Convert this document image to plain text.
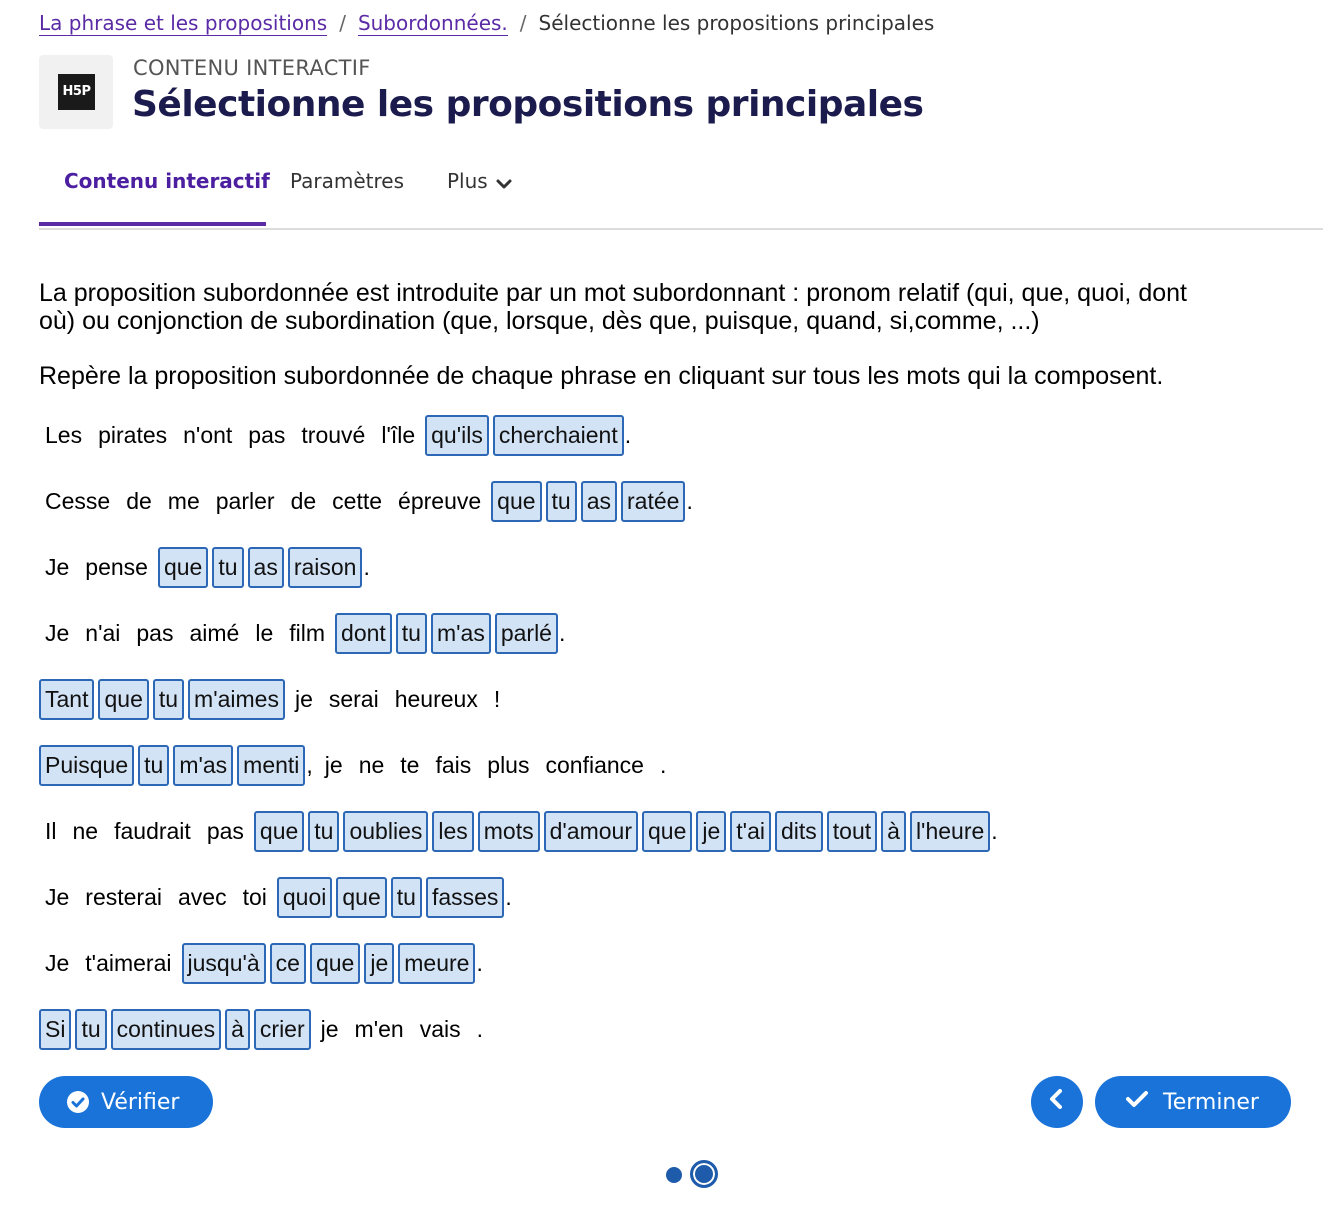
La phrase et les propositions / Subordonnées. / Sélectionne les propositions principales
H5P
CONTENU INTERACTIF
Sélectionne les propositions principales
Contenu interactif Paramètres Plus
La proposition subordonnée est introduite par un mot subordonnant : pronom relatif (qui, que, quoi, dont
où) ou conjonction de subordination (que, lorsque, dès que, puisque, quand, si,comme, ...)
Repère la proposition subordonnée de chaque phrase en cliquant sur tous les mots qui la composent.
Les pirates n'ont pas trouvé l'île qu'ils cherchaient .
Cesse de me parler de cette épreuve que tu as ratée .
Je pense que tu as raison .
Je n'ai pas aimé le film dont tu m'as parlé .
Tant que tu m'aimes je serai heureux !
Puisque tu m'as menti , je ne te fais plus confiance .
Il ne faudrait pas que tu oublies les mots d'amour que je t'ai dits tout à l'heure .
Je resterai avec toi quoi que tu fasses .
Je t'aimerai jusqu'à ce que je meure .
Si tu continues à crier je m'en vais .
Vérifier	Terminer
